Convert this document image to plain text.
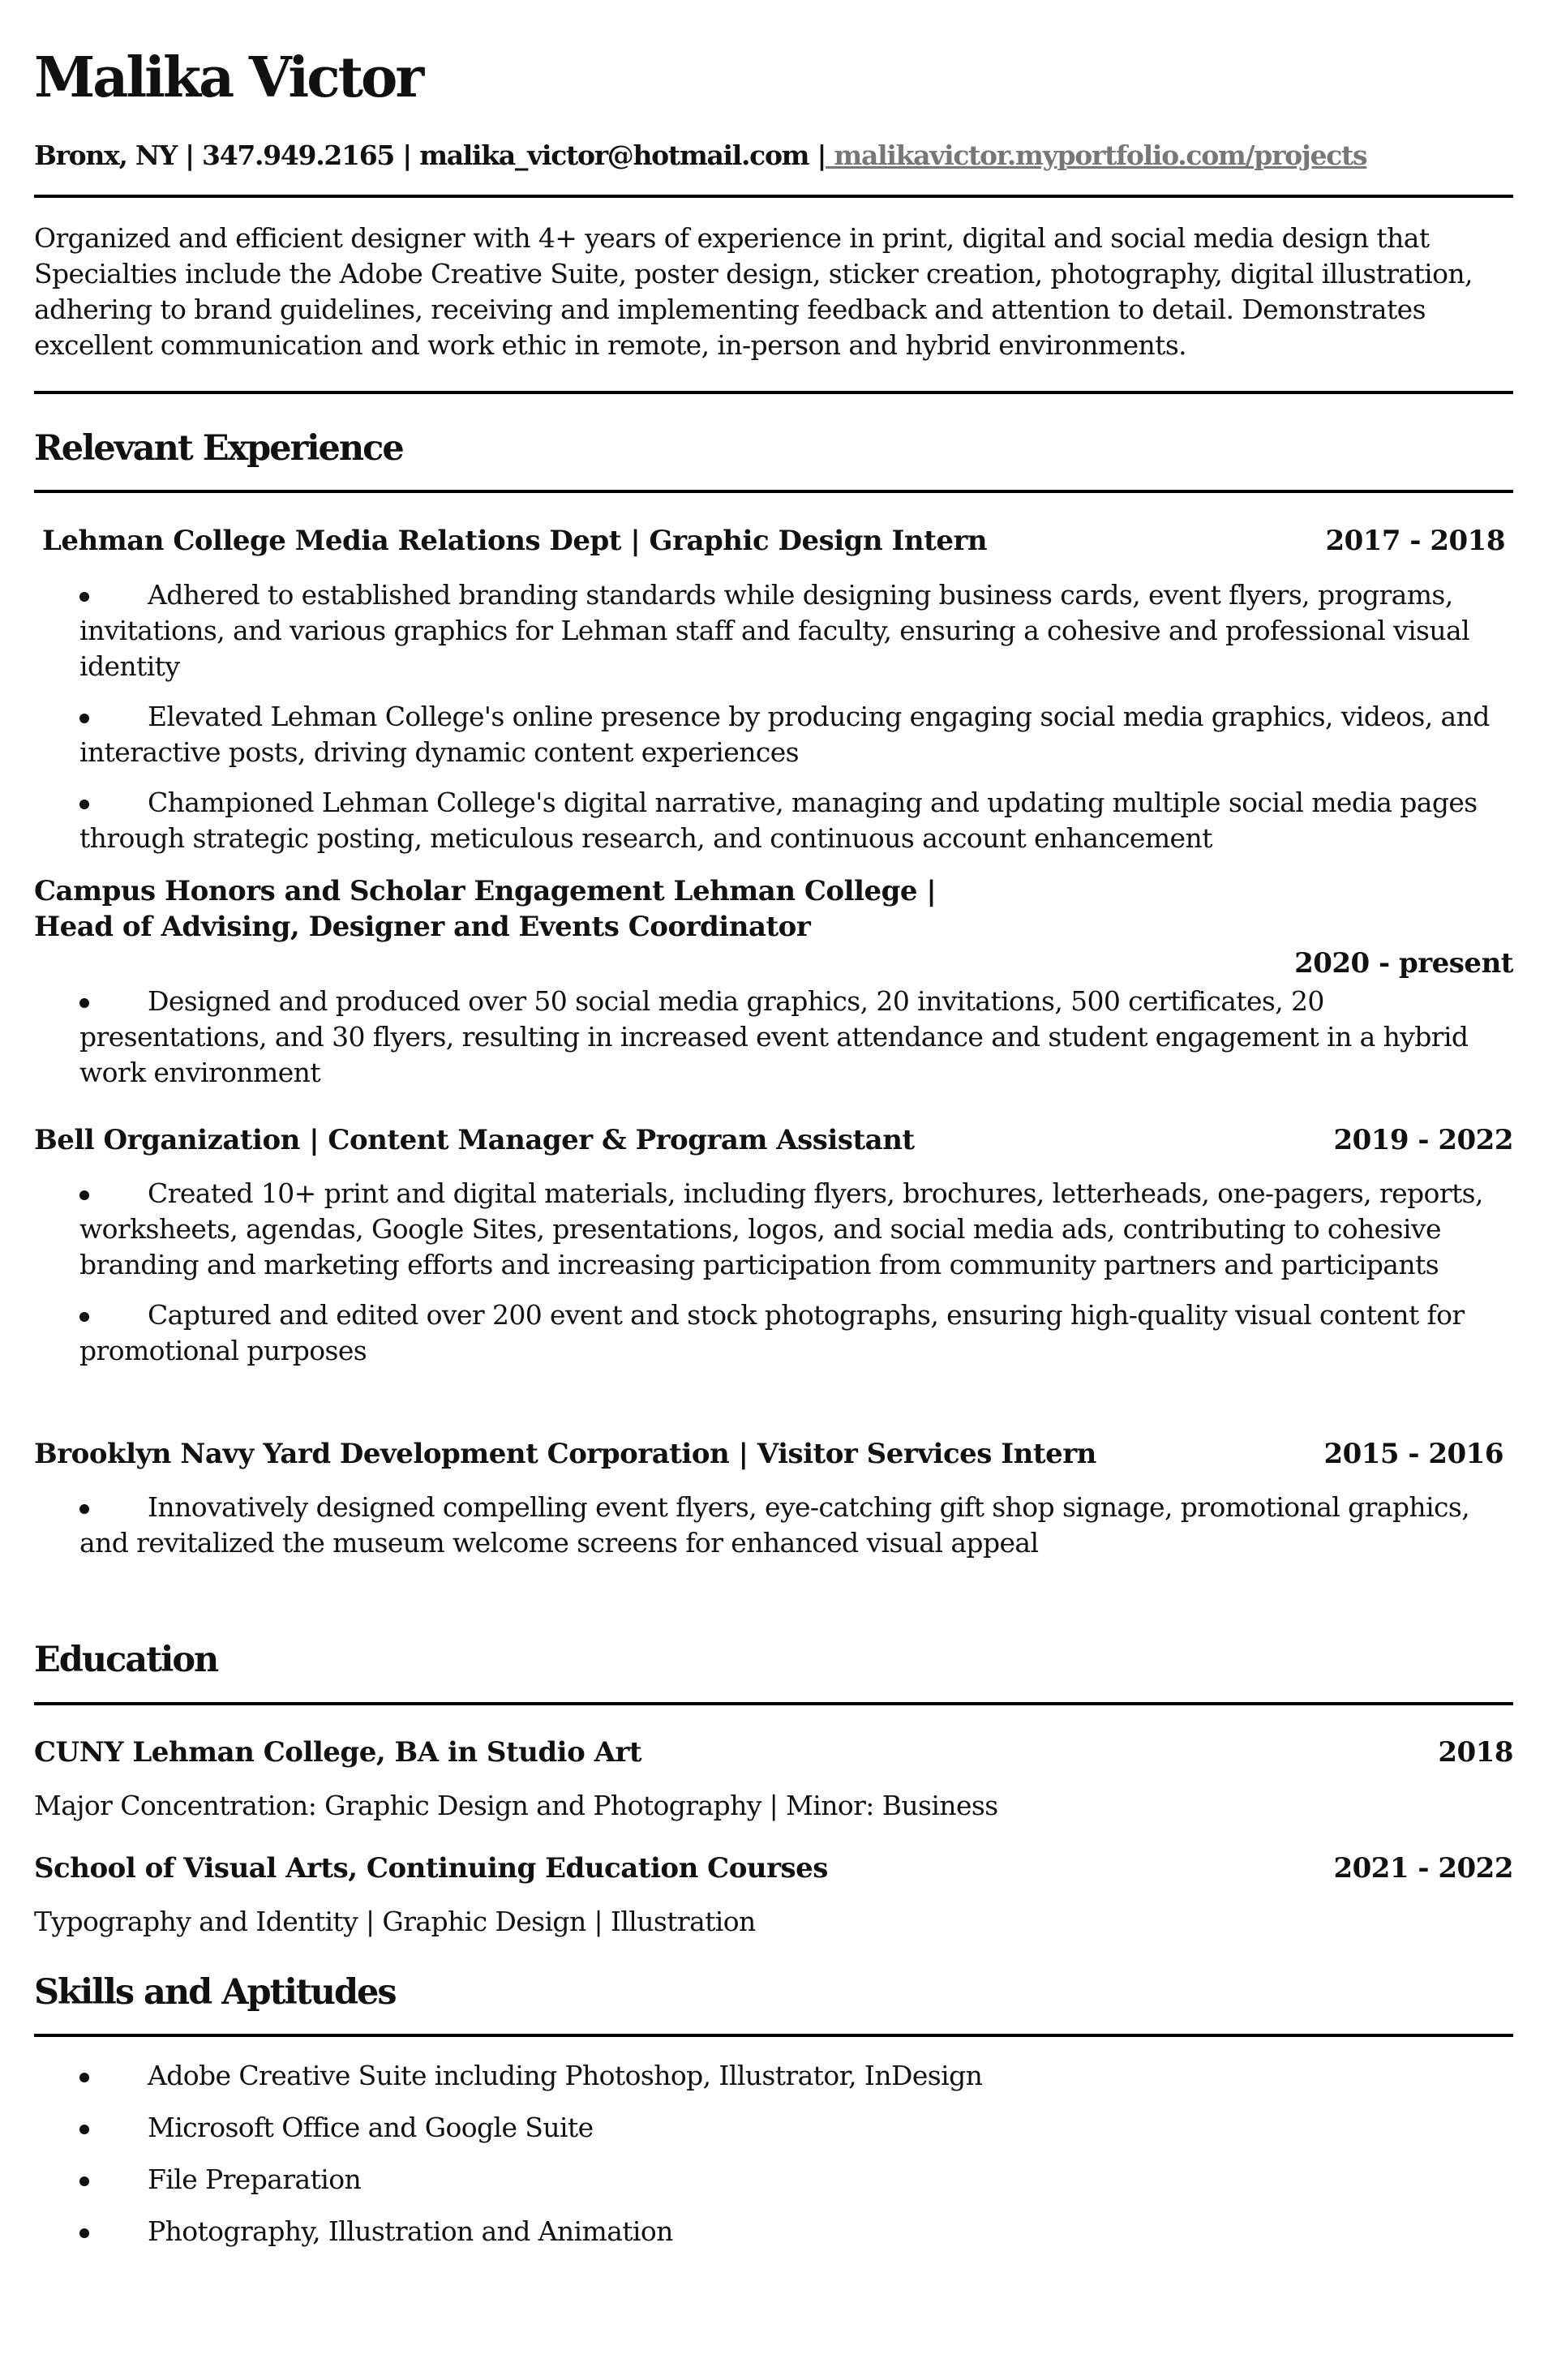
Malika Victor
Bronx, NY | 347.949.2165 | malika_victor@hotmail.com | malikavictor.myportfolio.com/projects
Organized and efficient designer with 4+ years of experience in print, digital and social media design that Specialties include the Adobe Creative Suite, poster design, sticker creation, photography, digital illustration, adhering to brand guidelines, receiving and implementing feedback and attention to detail. Demonstrates excellent communication and work ethic in remote, in-person and hybrid environments.
Relevant Experience
Lehman College Media Relations Dept | Graphic Design Intern	2017 - 2018
Adhered to established branding standards while designing business cards, event flyers, programs, invitations, and various graphics for Lehman staff and faculty, ensuring a cohesive and professional visual identity
Elevated Lehman College's online presence by producing engaging social media graphics, videos, and interactive posts, driving dynamic content experiences
Championed Lehman College's digital narrative, managing and updating multiple social media pages through strategic posting, meticulous research, and continuous account enhancement
Campus Honors and Scholar Engagement Lehman College |
Head of Advising, Designer and Events Coordinator
2020 - present
Designed and produced over 50 social media graphics, 20 invitations, 500 certificates, 20 presentations, and 30 flyers, resulting in increased event attendance and student engagement in a hybrid work environment
Bell Organization | Content Manager & Program Assistant	2019 - 2022
Created 10+ print and digital materials, including flyers, brochures, letterheads, one-pagers, reports, worksheets, agendas, Google Sites, presentations, logos, and social media ads, contributing to cohesive branding and marketing efforts and increasing participation from community partners and participants
Captured and edited over 200 event and stock photographs, ensuring high-quality visual content for promotional purposes
Brooklyn Navy Yard Development Corporation | Visitor Services Intern	2015 - 2016
Innovatively designed compelling event flyers, eye-catching gift shop signage, promotional graphics, and revitalized the museum welcome screens for enhanced visual appeal
Education
CUNY Lehman College, BA in Studio Art	2018
Major Concentration: Graphic Design and Photography | Minor: Business
School of Visual Arts, Continuing Education Courses	2021 - 2022
Typography and Identity | Graphic Design | Illustration
Skills and Aptitudes
Adobe Creative Suite including Photoshop, Illustrator, InDesign
Microsoft Office and Google Suite
File Preparation
Photography, Illustration and Animation
